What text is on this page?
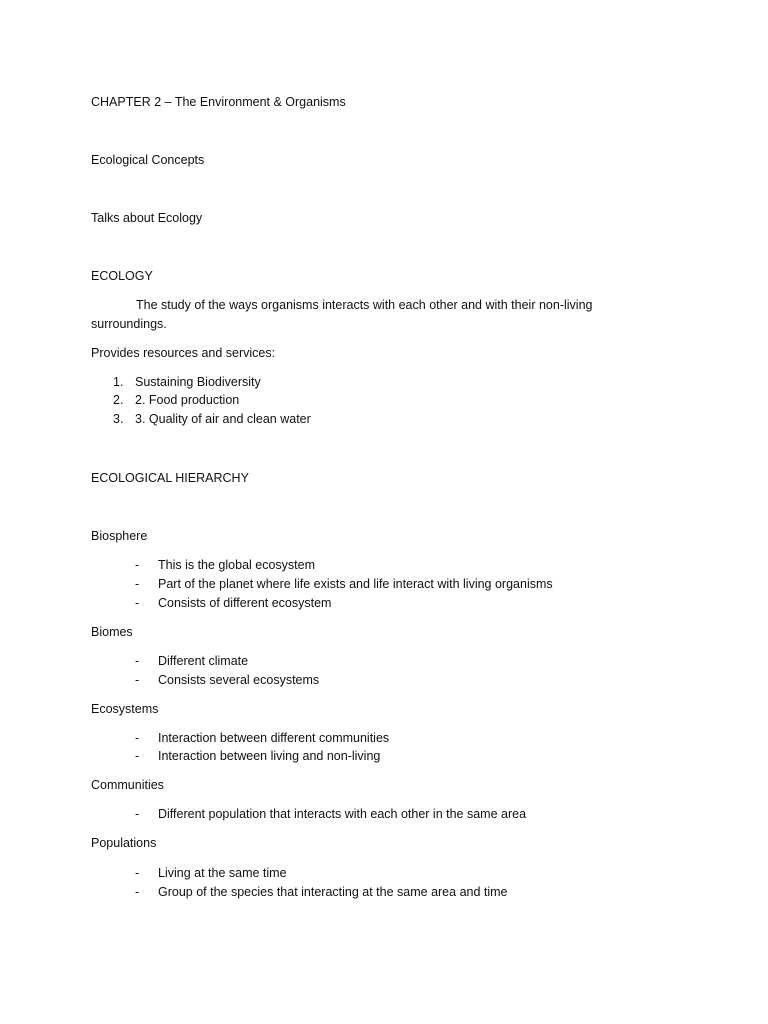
CHAPTER 2 – The Environment & Organisms
Ecological Concepts
Talks about Ecology
ECOLOGY
The study of the ways organisms interacts with each other and with their non-living
surroundings.
Provides resources and services:
1. Sustaining Biodiversity
2. 2. Food production
3. 3. Quality of air and clean water
ECOLOGICAL HIERARCHY
Biosphere
- This is the global ecosystem
- Part of the planet where life exists and life interact with living organisms
- Consists of different ecosystem
Biomes
- Different climate
- Consists several ecosystems
Ecosystems
- Interaction between different communities
- Interaction between living and non-living
Communities
- Different population that interacts with each other in the same area
Populations
- Living at the same time
- Group of the species that interacting at the same area and time
